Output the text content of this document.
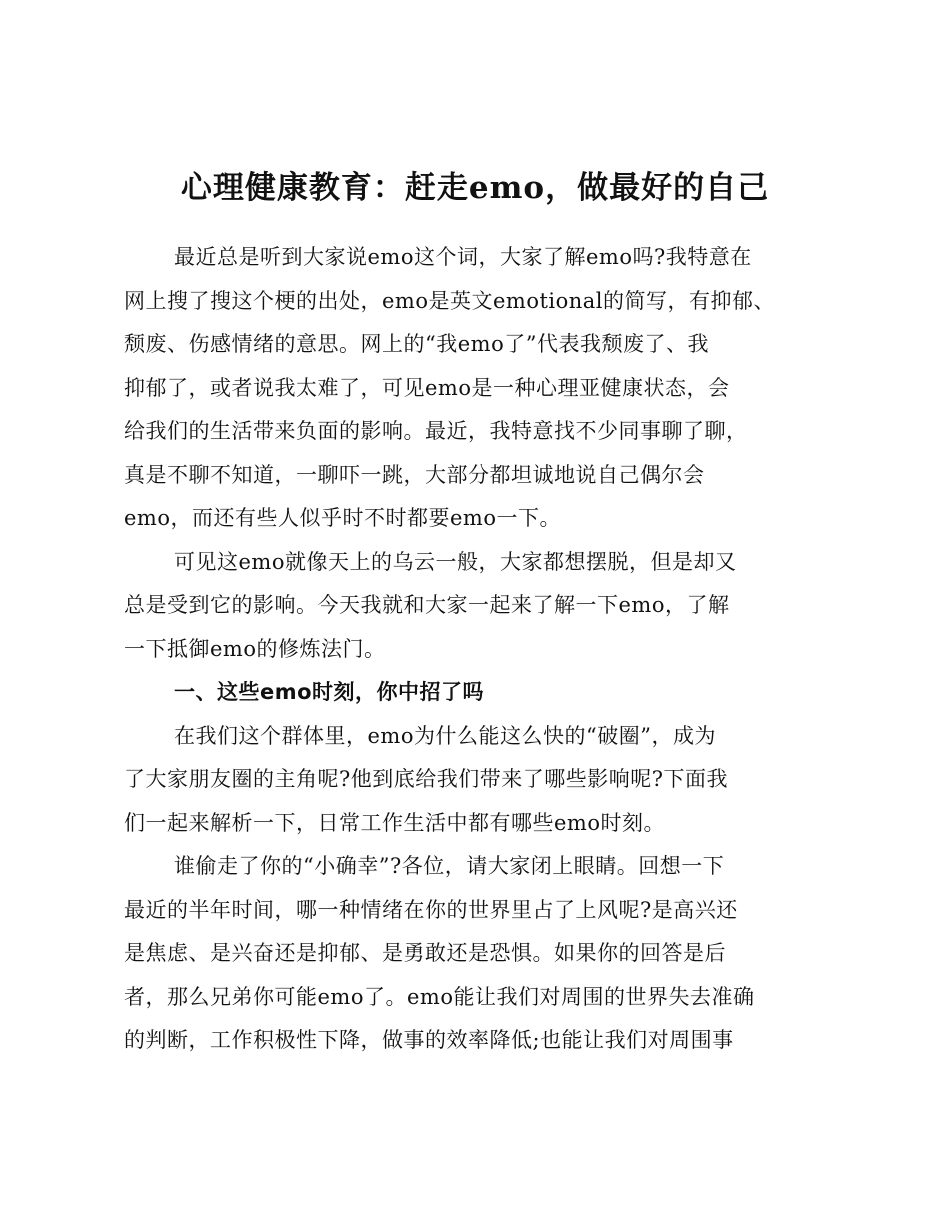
心理健康教育：赶走emo，做最好的自己
最近总是听到大家说emo这个词，大家了解emo吗?我特意在
网上搜了搜这个梗的出处，emo是英文emotional的简写，有抑郁、
颓废、伤感情绪的意思。网上的“我emo了”代表我颓废了、我
抑郁了，或者说我太难了，可见emo是一种心理亚健康状态，会
给我们的生活带来负面的影响。最近，我特意找不少同事聊了聊，
真是不聊不知道，一聊吓一跳，大部分都坦诚地说自己偶尔会
emo，而还有些人似乎时不时都要emo一下。
可见这emo就像天上的乌云一般，大家都想摆脱，但是却又
总是受到它的影响。今天我就和大家一起来了解一下emo，了解
一下抵御emo的修炼法门。
一、这些emo时刻，你中招了吗
在我们这个群体里，emo为什么能这么快的“破圈”，成为
了大家朋友圈的主角呢?他到底给我们带来了哪些影响呢?下面我
们一起来解析一下，日常工作生活中都有哪些emo时刻。
谁偷走了你的“小确幸”?各位，请大家闭上眼睛。回想一下
最近的半年时间，哪一种情绪在你的世界里占了上风呢?是高兴还
是焦虑、是兴奋还是抑郁、是勇敢还是恐惧。如果你的回答是后
者，那么兄弟你可能emo了。emo能让我们对周围的世界失去准确
的判断，工作积极性下降，做事的效率降低;也能让我们对周围事
